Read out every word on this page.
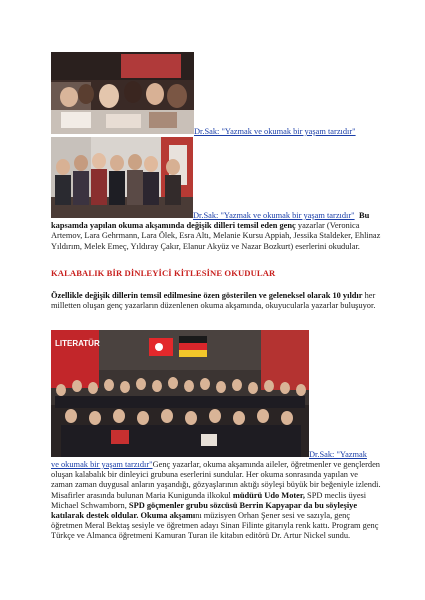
Dr.Sak: "Yazmak ve okumak bir yaşam tarzıdır"
Dr.Sak: "Yazmak ve okumak bir yaşam tarzıdır" Bu kapsamda yapılan okuma akşamında değişik dilleri temsil eden genç yazarlar (Veronica Artemov, Lara Gehrmann, Lara Ölek, Esra Altı, Melanie Kursu Appiah, Jessika Staldeker, Ehlinaz Yıldırım, Melek Emeç, Yıldıray Çakır, Elanur Akyüz ve Nazar Bozkurt) eserlerini okudular.
KALABALIK BİR DİNLEYİCİ KİTLESİNE OKUDULAR
Özellikle değişik dillerin temsil edilmesine özen gösterilen ve geleneksel olarak 10 yıldır her milletten oluşan genç yazarların düzenlenen okuma akşamında, okuyucularla yazarlar buluşuyor.
LITERATÜR
Dr.Sak: "Yazmak
ve okumak bir yaşam tarzıdır"Genç yazarlar, okuma akşamında aileler, öğretmenler ve gençlerden oluşan kalabalık bir dinleyici grubuna eserlerini sundular. Her okuma sonrasında yapılan ve zaman zaman duygusal anların yaşandığı, gözyaşlarının aktığı söyleşi büyük bir beğeniyle izlendi. Misafirler arasında bulunan Maria Kunigunda ilkokul müdürü Udo Moter, SPD meclis üyesi Michael Schwamborn, SPD göçmenler grubu sözcüsü Berrin Kapyapar da bu söyleşiye katılarak destek oldular. Okuma akşamını müzisyen Orhan Şener sesi ve sazıyla, genç öğretmen Meral Bektaş sesiyle ve öğretmen adayı Sinan Filinte gitarıyla renk kattı. Program genç Türkçe ve Almanca öğretmeni Kamuran Turan ile kitabın editörü Dr. Artur Nickel sundu.
